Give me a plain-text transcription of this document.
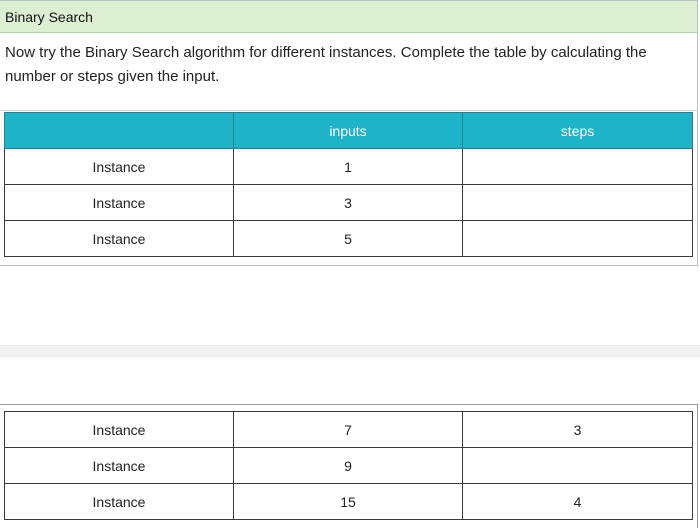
Binary Search
Now try the Binary Search algorithm for different instances. Complete the table by calculating the number or steps given the input.
	inputs	steps
Instance	1	
Instance	3	
Instance	5	
Instance	7	3
Instance	9	
Instance	15	4
